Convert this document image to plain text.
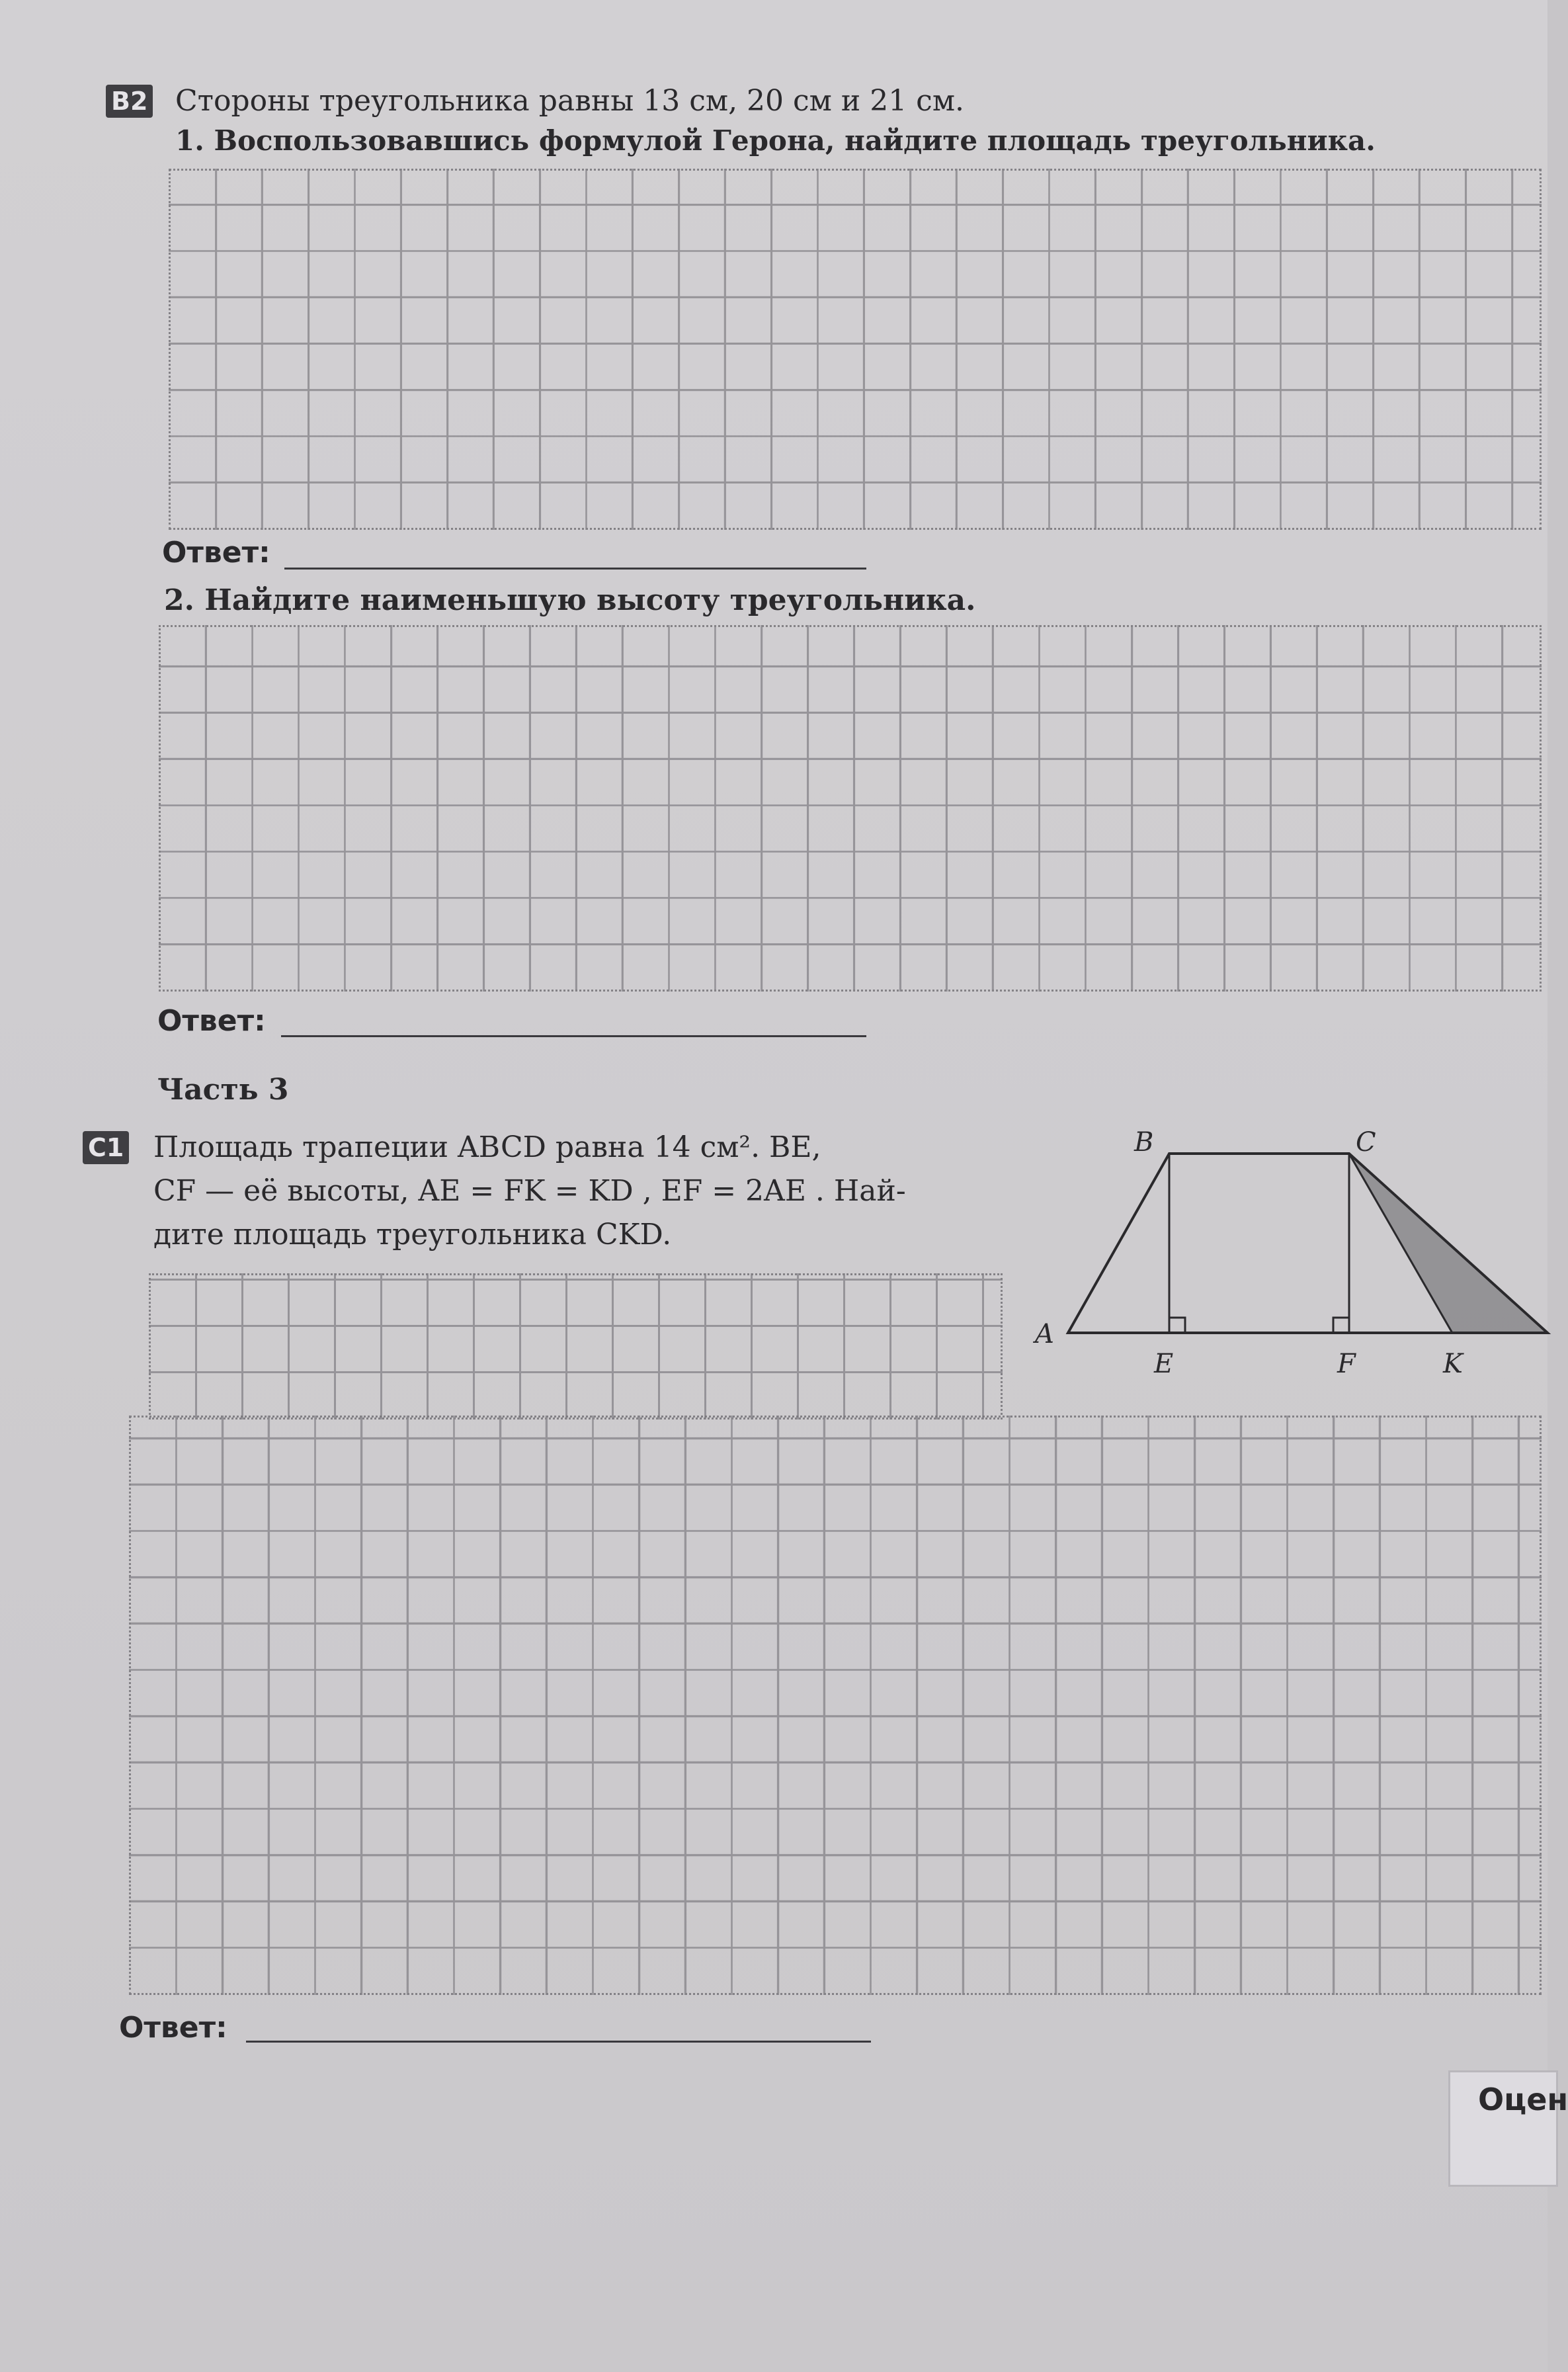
B2 Стороны треугольника равны 13 см, 20 см и 21 см.
1. Воспользовавшись формулой Герона, найдите площадь треугольника.
Ответ:
2. Найдите наименьшую высоту треугольника.
Ответ:
Часть 3
C1 Площадь трапеции ABCD равна 14 см². BE,
CF — её высоты, AE = FK = KD , EF = 2AE . Най-
дите площадь треугольника CKD.
A
B	C
E	F	K
Ответ:
Оцен
